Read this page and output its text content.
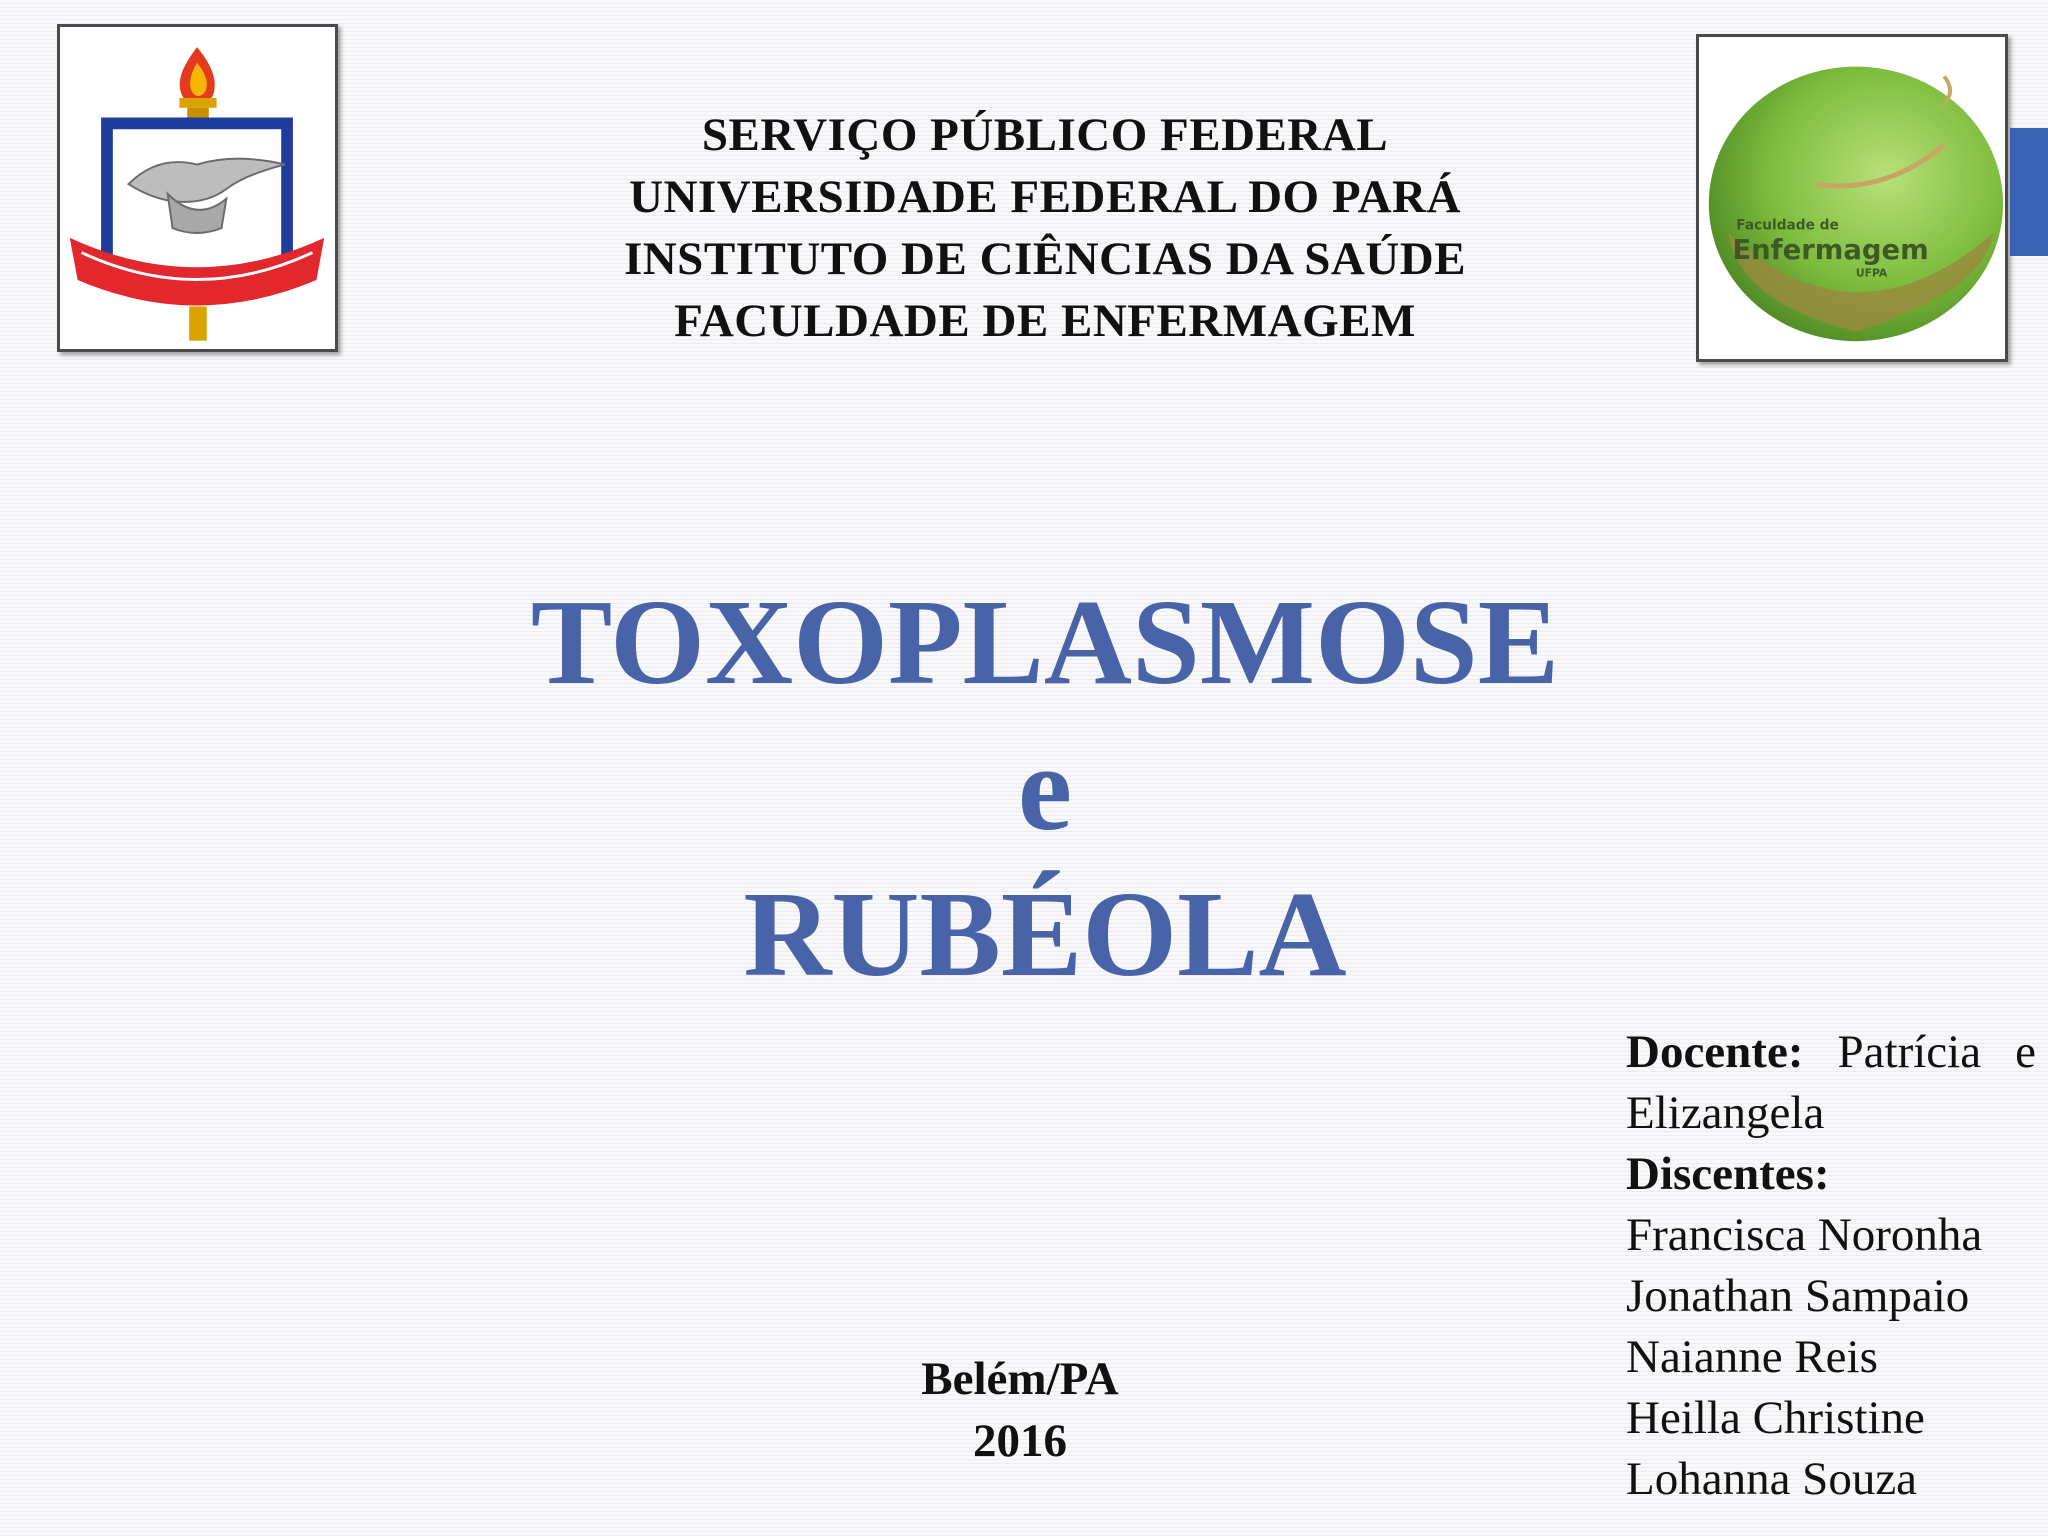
Faculdade de
Enfermagem
UFPA
SERVIÇO PÚBLICO FEDERAL
UNIVERSIDADE FEDERAL DO PARÁ
INSTITUTO DE CIÊNCIAS DA SAÚDE
FACULDADE DE ENFERMAGEM
TOXOPLASMOSE
e
RUBÉOLA
Belém/PA
2016
Docente: Patrícia e
Elizangela
Discentes:
Francisca Noronha
Jonathan Sampaio
Naianne Reis
Heilla Christine
Lohanna Souza
